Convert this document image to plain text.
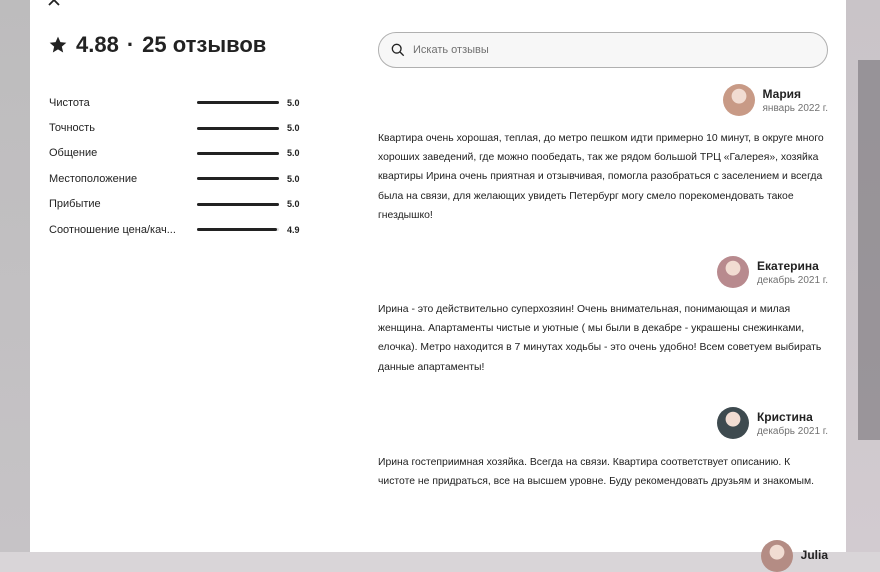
4.88 · 25 отзывов
Чистота	5.0
Точность	5.0
Общение	5.0
Местоположение	5.0
Прибытие	5.0
Соотношение цена/кач...	4.9
Искать отзывы
Мария
январь 2022 г.

Квартира очень хорошая, теплая, до метро пешком идти примерно 10 минут, в округе много хороших заведений, где можно пообедать, так же рядом большой ТРЦ «Галерея», хозяйка квартиры Ирина очень приятная и отзывчивая, помогла разобраться с заселением и всегда была на связи, для желающих увидеть Петербург могу смело порекомендовать такое гнездышко!

Екатерина
декабрь 2021 г.

Ирина - это действительно суперхозяин! Очень внимательная, понимающая и милая женщина. Апартаменты чистые и уютные ( мы были в декабре - украшены снежинками, елочка). Метро находится в 7 минутах ходьбы - это очень удобно! Всем советуем выбирать данные апартаменты!

Кристина
декабрь 2021 г.

Ирина гостеприимная хозяйка. Всегда на связи. Квартира соответствует описанию. К чистоте не придраться, все на высшем уровне. Буду рекомендовать друзьям и знакомым.

Julia
